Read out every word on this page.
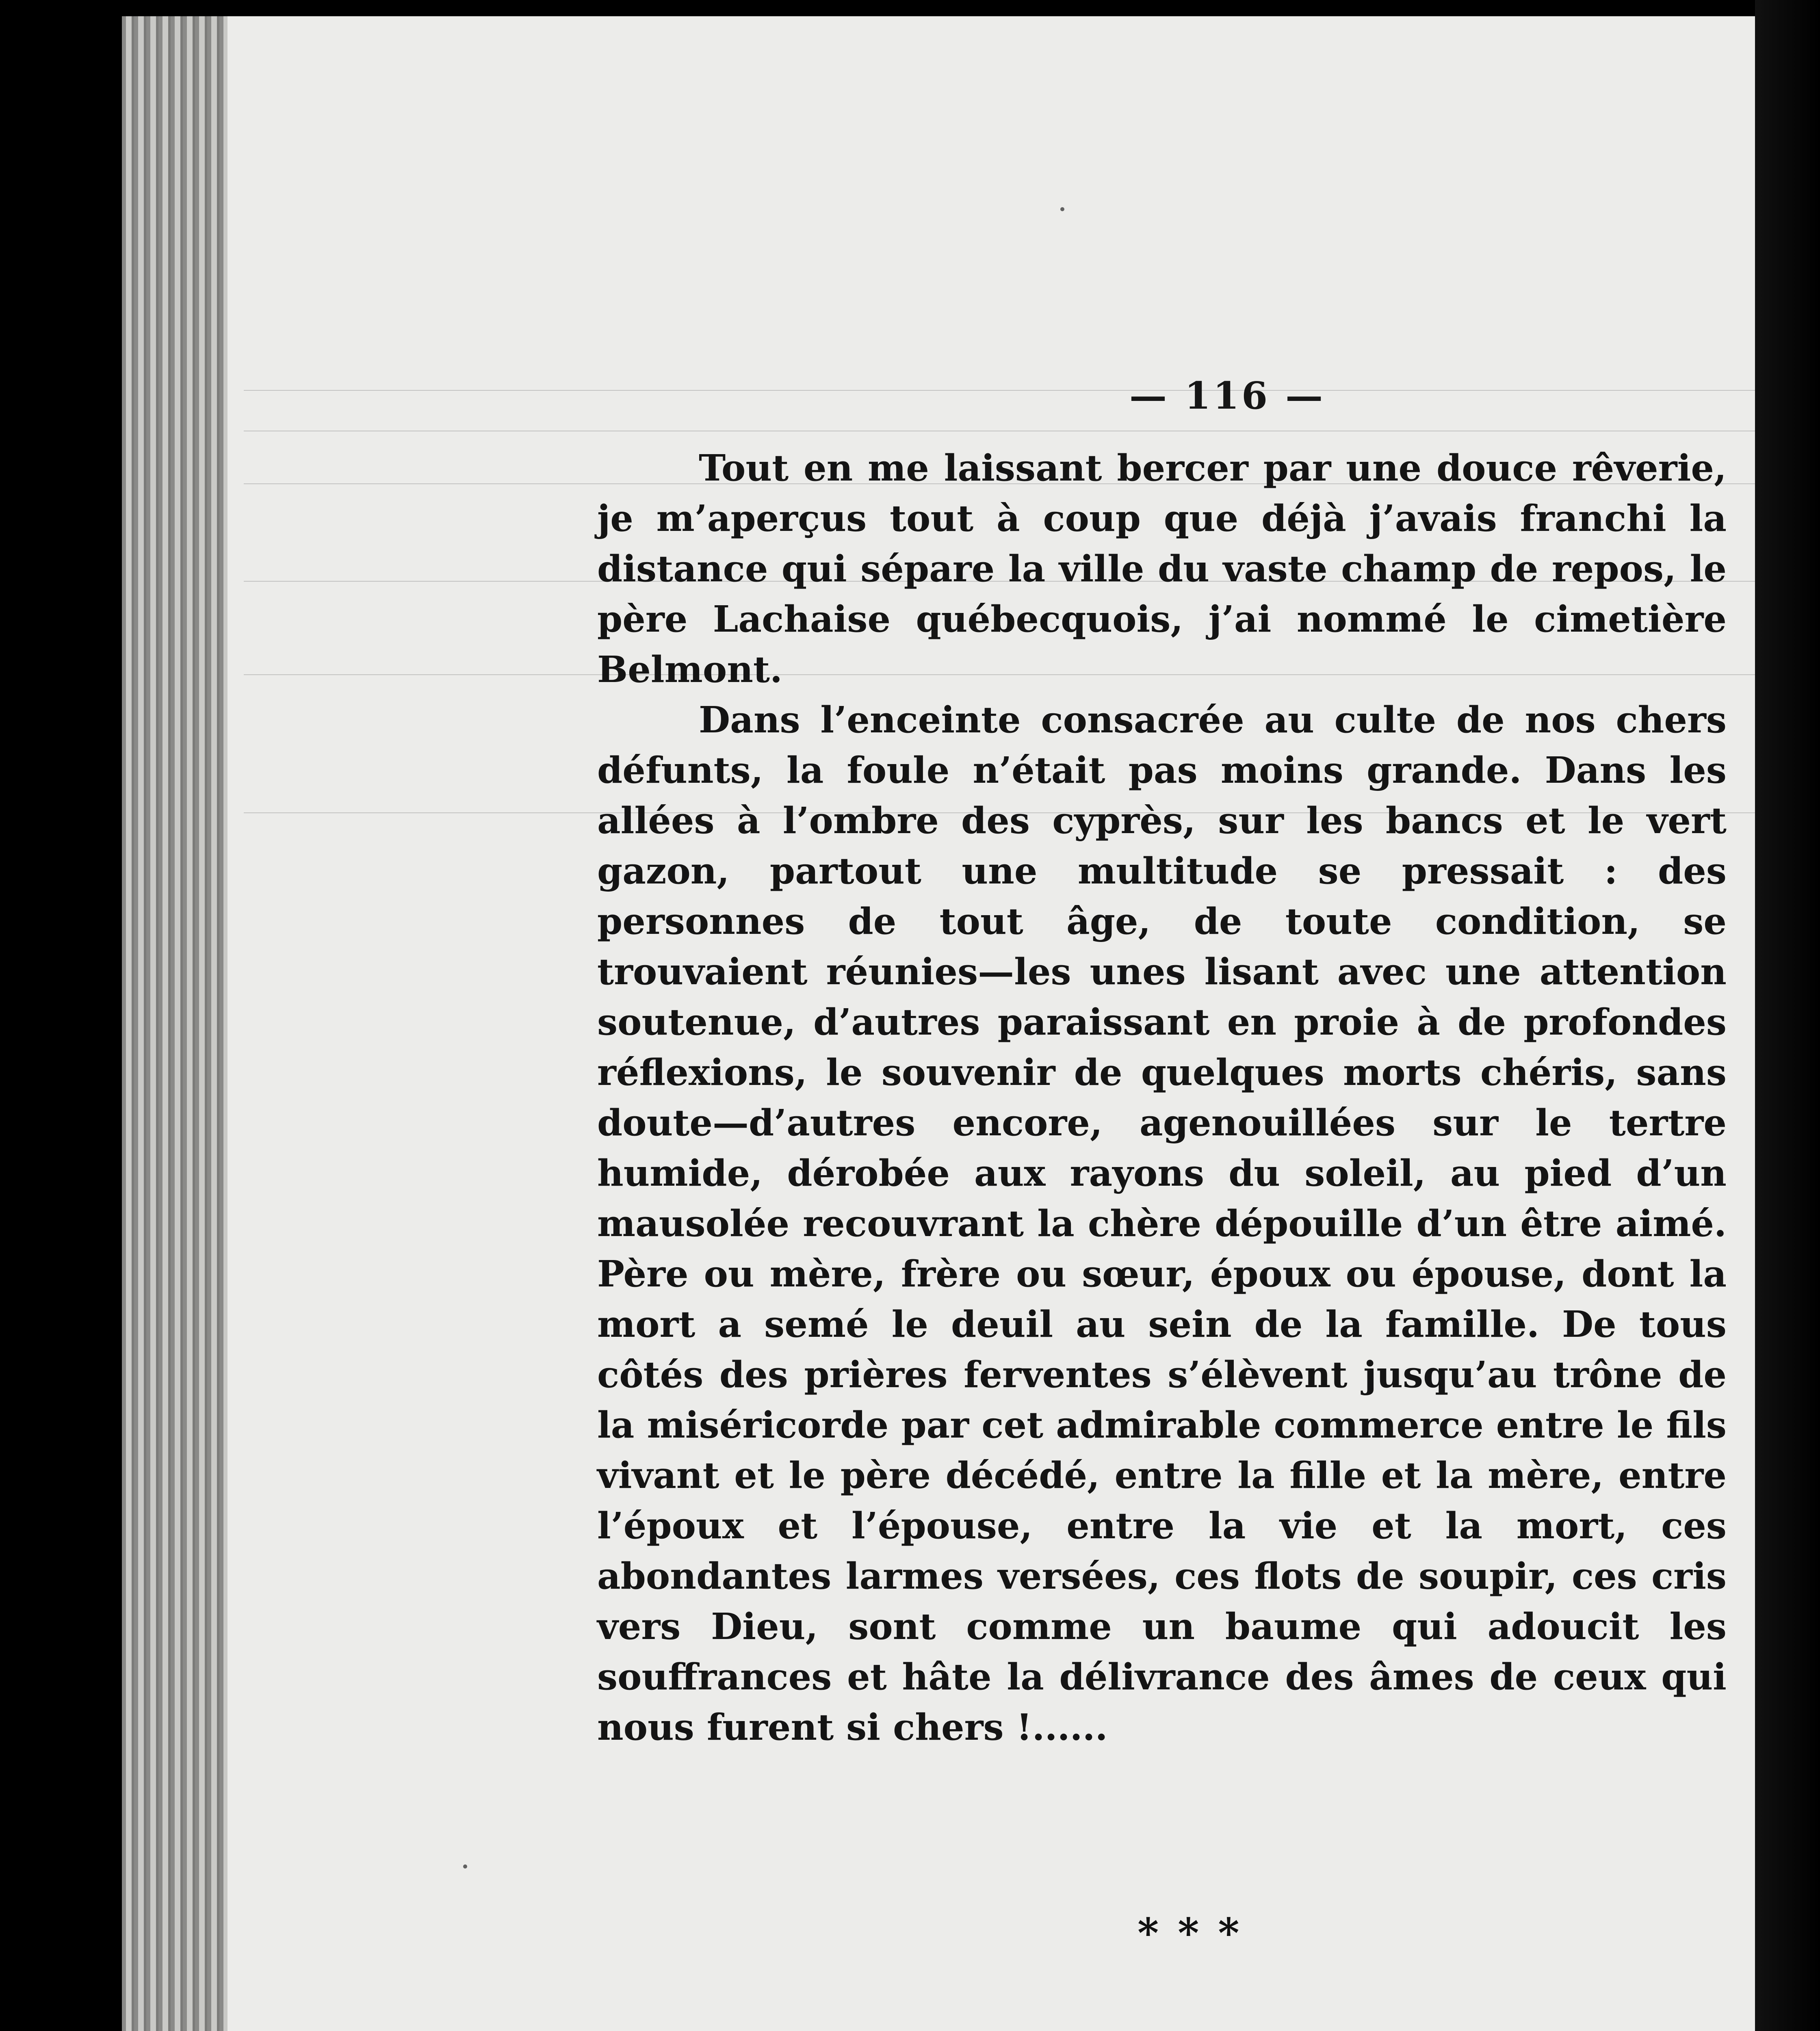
— 116 —

Tout en me laissant bercer par une douce rêverie, je m’aperçus tout à coup que déjà j’avais franchi la distance qui sépare la ville du vaste champ de repos, le père Lachaise québecquois, j’ai nommé le cimetière Belmont.

Dans l’enceinte consacrée au culte de nos chers défunts, la foule n’était pas moins grande. Dans les allées à l’ombre des cyprès, sur les bancs et le vert gazon, partout une multitude se pressait : des personnes de tout âge, de toute condition, se trouvaient réunies—les unes lisant avec une attention soutenue, d’autres paraissant en proie à de profondes réflexions, le souvenir de quelques morts chéris, sans doute—d’autres encore, agenouillées sur le tertre humide, dérobée aux rayons du soleil, au pied d’un mausolée recouvrant la chère dépouille d’un être aimé. Père ou mère, frère ou sœur, époux ou épouse, dont la mort a semé le deuil au sein de la famille. De tous côtés des prières ferventes s’élèvent jusqu’au trône de la miséricorde par cet admirable commerce entre le fils vivant et le père décédé, entre la fille et la mère, entre l’époux et l’épouse, entre la vie et la mort, ces abondantes larmes versées, ces flots de soupir, ces cris vers Dieu, sont comme un baume qui adoucit les souffrances et hâte la délivrance des âmes de ceux qui nous furent si chers !......

* * *
